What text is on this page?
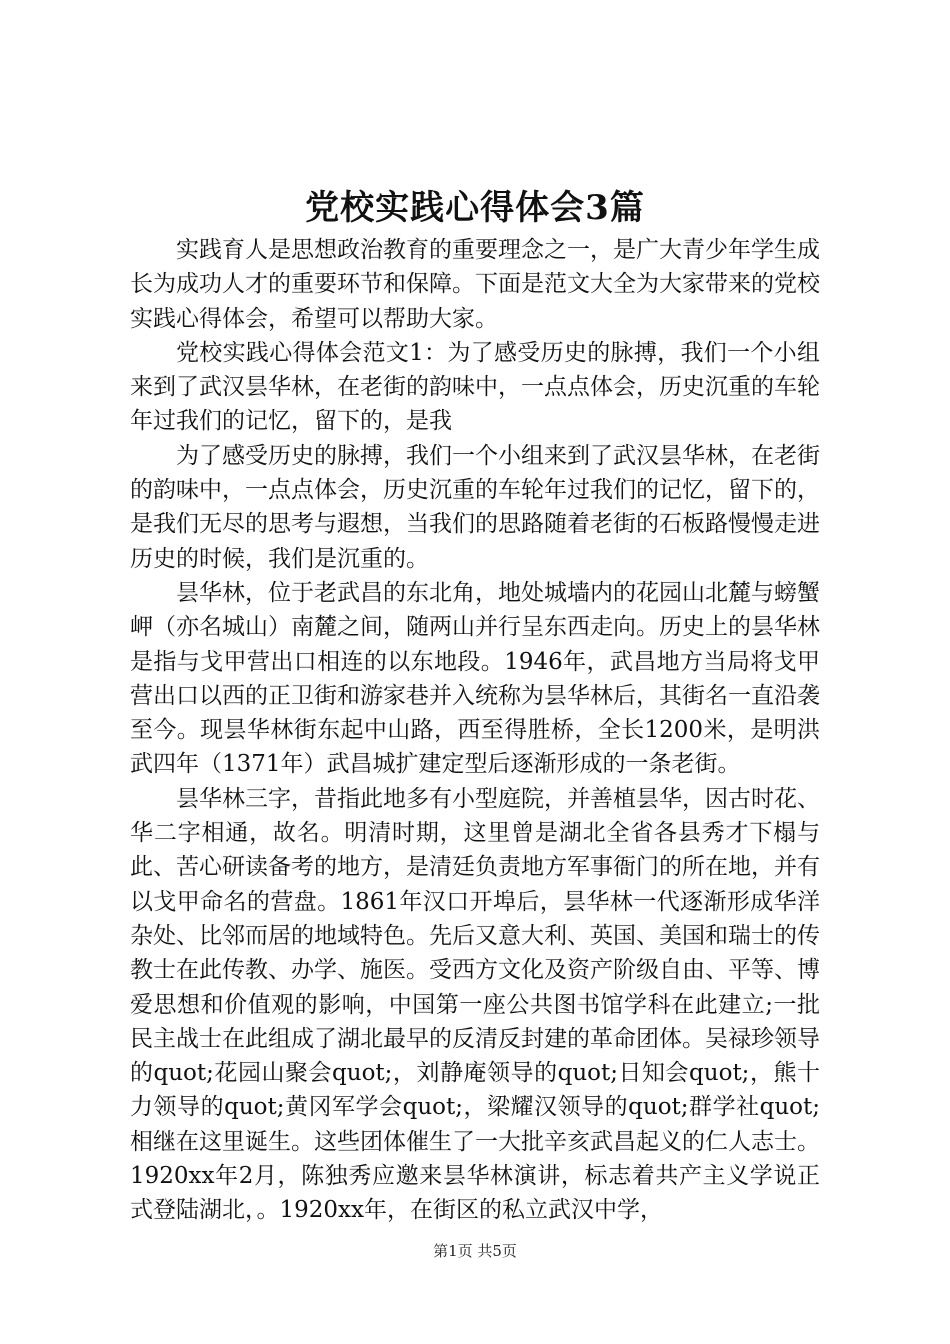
党校实践心得体会3篇

实践育人是思想政治教育的重要理念之一，是广大青少年学生成长为成功人才的重要环节和保障。下面是范文大全为大家带来的党校实践心得体会，希望可以帮助大家。

党校实践心得体会范文1：为了感受历史的脉搏，我们一个小组来到了武汉昙华林，在老街的韵味中，一点点体会，历史沉重的车轮年过我们的记忆，留下的，是我

为了感受历史的脉搏，我们一个小组来到了武汉昙华林，在老街的韵味中，一点点体会，历史沉重的车轮年过我们的记忆，留下的，是我们无尽的思考与遐想，当我们的思路随着老街的石板路慢慢走进历史的时候，我们是沉重的。

昙华林，位于老武昌的东北角，地处城墙内的花园山北麓与螃蟹岬（亦名城山）南麓之间，随两山并行呈东西走向。历史上的昙华林是指与戈甲营出口相连的以东地段。1946年，武昌地方当局将戈甲营出口以西的正卫街和游家巷并入统称为昙华林后，其街名一直沿袭至今。现昙华林街东起中山路，西至得胜桥，全长1200米，是明洪武四年（1371年）武昌城扩建定型后逐渐形成的一条老街。

昙华林三字，昔指此地多有小型庭院，并善植昙华，因古时花、华二字相通，故名。明清时期，这里曾是湖北全省各县秀才下榻与此、苦心研读备考的地方，是清廷负责地方军事衙门的所在地，并有以戈甲命名的营盘。1861年汉口开埠后，昙华林一代逐渐形成华洋杂处、比邻而居的地域特色。先后又意大利、英国、美国和瑞士的传教士在此传教、办学、施医。受西方文化及资产阶级自由、平等、博爱思想和价值观的影响，中国第一座公共图书馆学科在此建立;一批民主战士在此组成了湖北最早的反清反封建的革命团体。吴禄珍领导的quot;花园山聚会quot;，刘静庵领导的quot;日知会quot;，熊十力领导的quot;黄冈军学会quot;，梁耀汉领导的quot;群学社quot;相继在这里诞生。这些团体催生了一大批辛亥武昌起义的仁人志士。1920xx年2月，陈独秀应邀来昙华林演讲，标志着共产主义学说正式登陆湖北，。1920xx年，在街区的私立武汉中学，

第1页 共5页
